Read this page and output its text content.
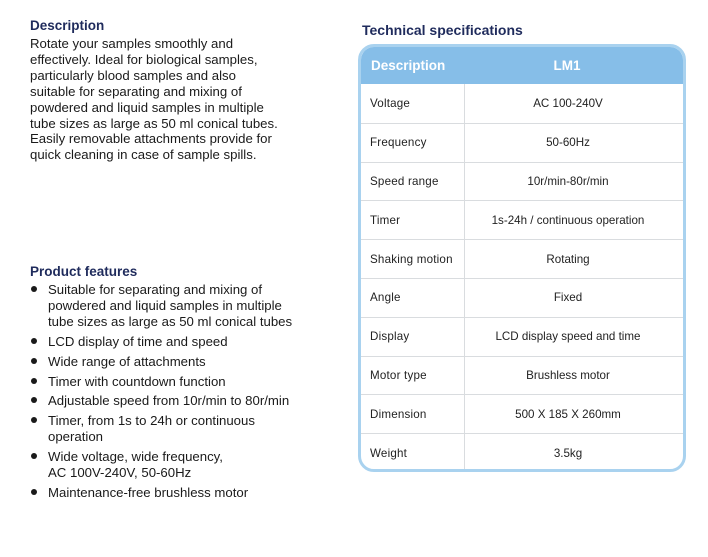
Description

Rotate your samples smoothly and
effectively. Ideal for biological samples,
particularly blood samples and also
suitable for separating and mixing of
powdered and liquid samples in multiple
tube sizes as large as 50 ml conical tubes.
Easily removable attachments provide for
quick cleaning in case of sample spills.

Product features
Suitable for separating and mixing of
powdered and liquid samples in multiple
tube sizes as large as 50 ml conical tubes
LCD display of time and speed
Wide range of attachments
Timer with countdown function
Adjustable speed from 10r/min to 80r/min
Timer, from 1s to 24h or continuous
operation
Wide voltage, wide frequency,
AC 100V-240V, 50-60Hz
Maintenance-free brushless motor
Technical specifications
Description	LM1
Voltage	AC 100-240V
Frequency	50-60Hz
Speed range	10r/min-80r/min
Timer	1s-24h / continuous operation
Shaking motion	Rotating
Angle	Fixed
Display	LCD display speed and time
Motor type	Brushless motor
Dimension	500 X 185 X 260mm
Weight	3.5kg
